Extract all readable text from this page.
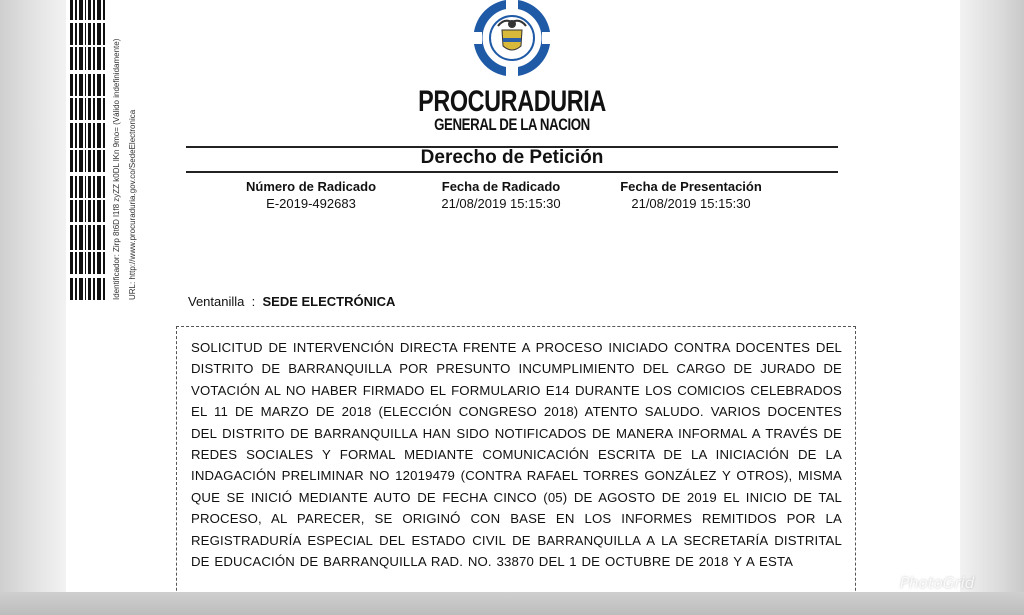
Identificador: Zirp 8t6D l1f8 zyZZ k0DL lKn 9mo= (Válido indefinidamente) URL: http://www.procuraduria.gov.co/SedeElectronica
PROCURADURIA
GENERAL DE LA NACION
Derecho de Petición
Número de Radicado
E-2019-492683
Fecha de Radicado
21/08/2019 15:15:30
Fecha de Presentación
21/08/2019 15:15:30
Ventanilla  :  SEDE ELECTRÓNICA

SOLICITUD DE INTERVENCIÓN DIRECTA FRENTE A PROCESO INICIADO CONTRA DOCENTES DEL DISTRITO DE BARRANQUILLA POR PRESUNTO INCUMPLIMIENTO DEL CARGO DE JURADO DE VOTACIÓN AL NO HABER FIRMADO EL FORMULARIO E14 DURANTE LOS COMICIOS CELEBRADOS EL 11 DE MARZO DE 2018 (ELECCIÓN CONGRESO 2018) ATENTO SALUDO. VARIOS DOCENTES DEL DISTRITO DE BARRANQUILLA HAN SIDO NOTIFICADOS DE MANERA INFORMAL A TRAVÉS DE REDES SOCIALES Y FORMAL MEDIANTE COMUNICACIÓN ESCRITA DE LA INICIACIÓN DE LA INDAGACIÓN PRELIMINAR NO 12019479 (CONTRA RAFAEL TORRES GONZÁLEZ Y OTROS), MISMA QUE SE INICIÓ MEDIANTE AUTO DE FECHA CINCO (05) DE AGOSTO DE 2019 EL INICIO DE TAL PROCESO, AL PARECER, SE ORIGINÓ CON BASE EN LOS INFORMES REMITIDOS POR LA REGISTRADURÍA ESPECIAL DEL ESTADO CIVIL DE BARRANQUILLA A LA SECRETARÍA DISTRITAL DE EDUCACIÓN DE BARRANQUILLA RAD. NO. 33870 DEL 1 DE OCTUBRE DE 2018 Y A ESTA

PhotoGrid
